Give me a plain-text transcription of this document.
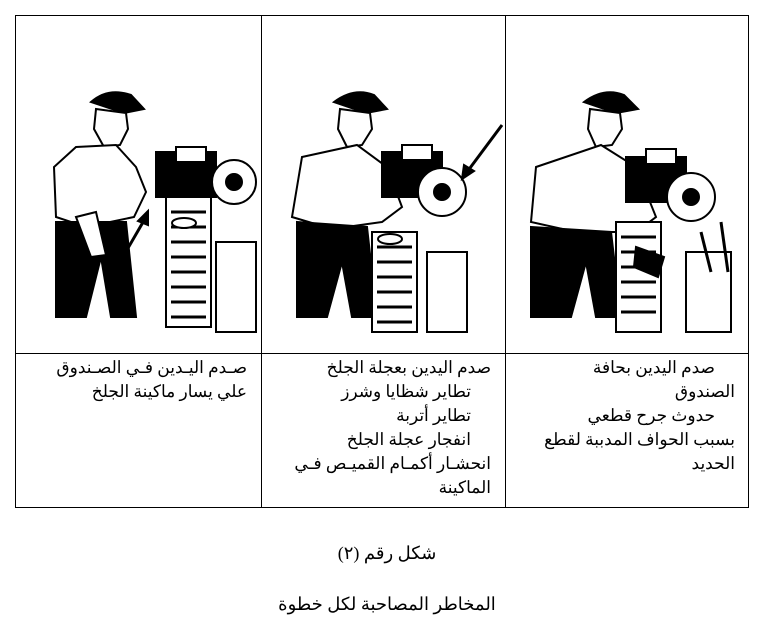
صـدم اليـدين فـي الصـندوق
علي يسار ماكينة الجلخ
صدم اليدين بعجلة الجلخ
تطاير شظايا وشرز
تطاير أتربة
انفجار عجلة الجلخ
انحشـار أكمـام القميـص فـي
الماكينة
صدم اليدين بحافة
الصندوق
حدوث جرح قطعي
بسبب الحواف المدببة لقطع
الحديد
شكل رقم (٢)
المخاطر المصاحبة لكل خطوة
